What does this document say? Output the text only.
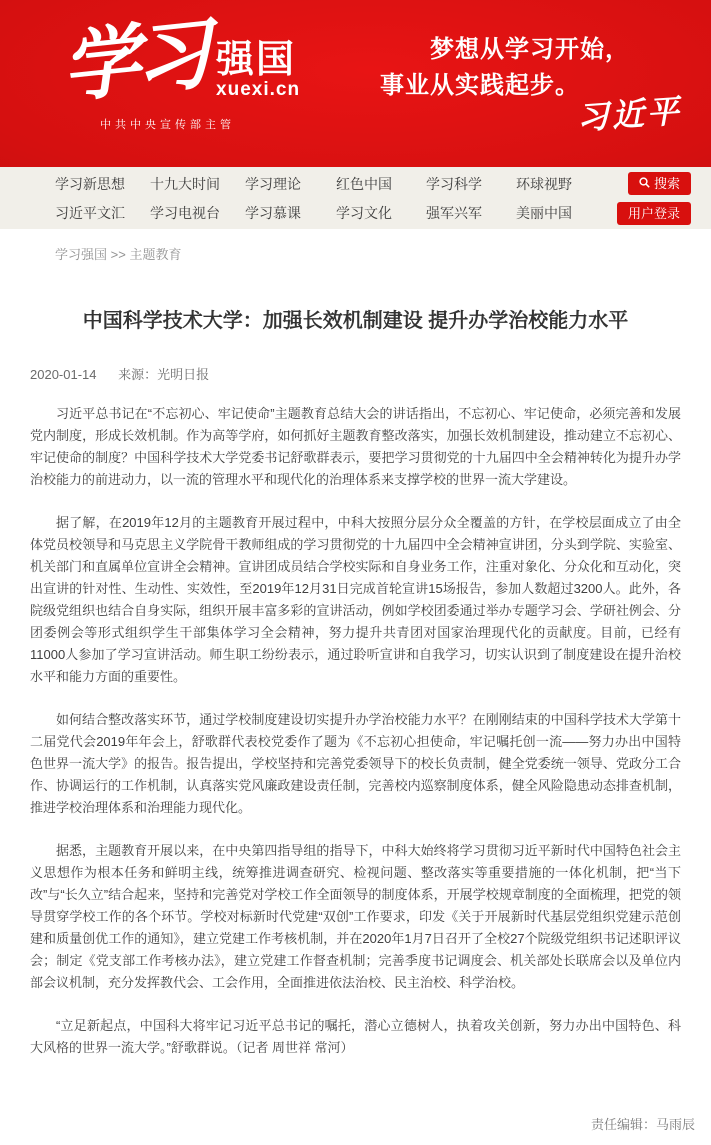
学习 强国
xuexi.cn
中共中央宣传部主管
梦想从学习开始，
事业从实践起步。
习近平
学习新思想	十九大时间	学习理论	红色中国	学习科学	环球视野
习近平文汇	学习电视台	学习慕课	学习文化	强军兴军	美丽中国
搜索
用户登录
学习强国 >> 主题教育
中国科学技术大学：加强长效机制建设 提升办学治校能力水平
2020-01-14 来源：光明日报

习近平总书记在“不忘初心、牢记使命”主题教育总结大会的讲话指出，不忘初心、牢记使命，必须完善和发展党内制度，形成长效机制。作为高等学府，如何抓好主题教育整改落实，加强长效机制建设，推动建立不忘初心、牢记使命的制度？中国科学技术大学党委书记舒歌群表示，要把学习贯彻党的十九届四中全会精神转化为提升办学治校能力的前进动力，以一流的管理水平和现代化的治理体系来支撑学校的世界一流大学建设。

据了解，在2019年12月的主题教育开展过程中，中科大按照分层分众全覆盖的方针，在学校层面成立了由全体党员校领导和马克思主义学院骨干教师组成的学习贯彻党的十九届四中全会精神宣讲团，分头到学院、实验室、机关部门和直属单位宣讲全会精神。宣讲团成员结合学校实际和自身业务工作，注重对象化、分众化和互动化，突出宣讲的针对性、生动性、实效性，至2019年12月31日完成首轮宣讲15场报告，参加人数超过3200人。此外，各院级党组织也结合自身实际，组织开展丰富多彩的宣讲活动，例如学校团委通过举办专题学习会、学研社例会、分团委例会等形式组织学生干部集体学习全会精神，努力提升共青团对国家治理现代化的贡献度。目前，已经有11000人参加了学习宣讲活动。师生职工纷纷表示，通过聆听宣讲和自我学习，切实认识到了制度建设在提升治校水平和能力方面的重要性。

如何结合整改落实环节，通过学校制度建设切实提升办学治校能力水平？在刚刚结束的中国科学技术大学第十二届党代会2019年年会上，舒歌群代表校党委作了题为《不忘初心担使命，牢记嘱托创一流——努力办出中国特色世界一流大学》的报告。报告提出，学校坚持和完善党委领导下的校长负责制，健全党委统一领导、党政分工合作、协调运行的工作机制，认真落实党风廉政建设责任制，完善校内巡察制度体系，健全风险隐患动态排查机制，推进学校治理体系和治理能力现代化。

据悉，主题教育开展以来，在中央第四指导组的指导下，中科大始终将学习贯彻习近平新时代中国特色社会主义思想作为根本任务和鲜明主线，统筹推进调查研究、检视问题、整改落实等重要措施的一体化机制，把“当下改”与“长久立”结合起来，坚持和完善党对学校工作全面领导的制度体系，开展学校规章制度的全面梳理，把党的领导贯穿学校工作的各个环节。学校对标新时代党建“双创”工作要求，印发《关于开展新时代基层党组织党建示范创建和质量创优工作的通知》，建立党建工作考核机制，并在2020年1月7日召开了全校27个院级党组织书记述职评议会；制定《党支部工作考核办法》，建立党建工作督查机制；完善季度书记调度会、机关部处长联席会以及单位内部会议机制，充分发挥教代会、工会作用，全面推进依法治校、民主治校、科学治校。

“立足新起点，中国科大将牢记习近平总书记的嘱托，潜心立德树人，执着攻关创新，努力办出中国特色、科大风格的世界一流大学。”舒歌群说。（记者 周世祥 常河）

责任编辑：马雨辰
